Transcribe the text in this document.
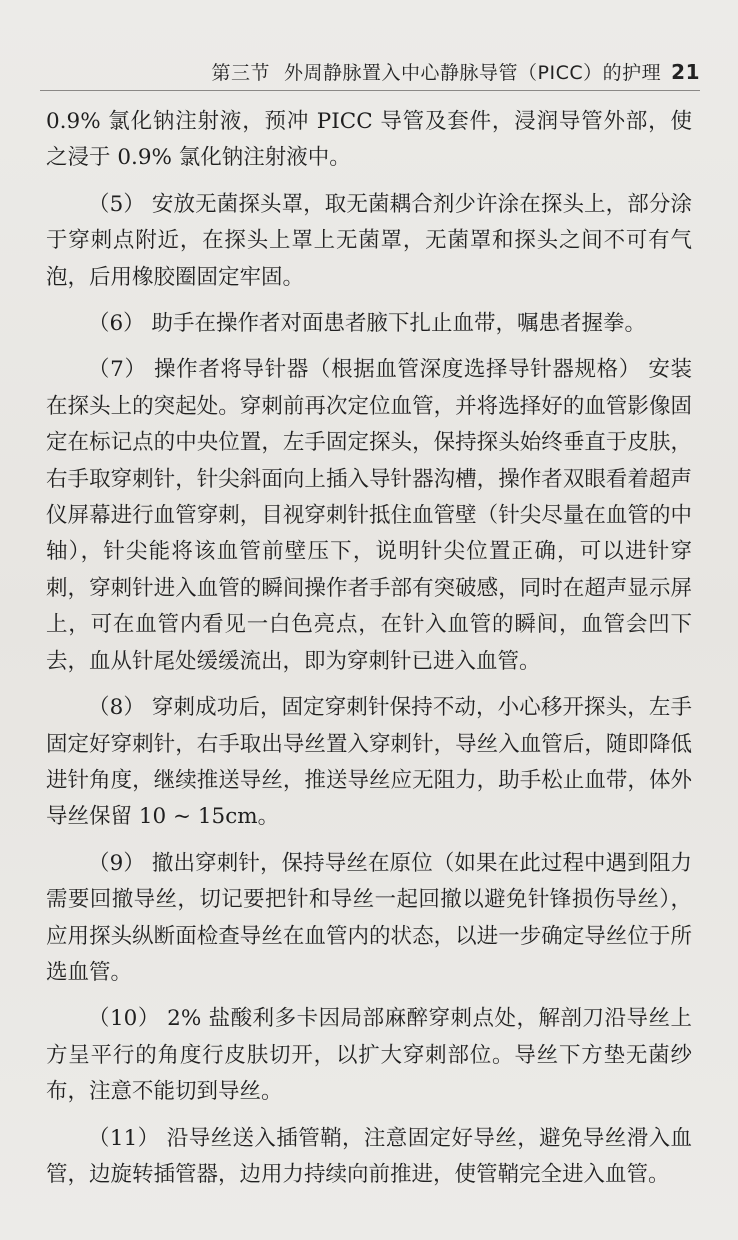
第三节 外周静脉置入中心静脉导管（PICC）的护理 21

0.9% 氯化钠注射液，预冲 PICC 导管及套件，浸润导管外部，使之浸于 0.9% 氯化钠注射液中。

（5） 安放无菌探头罩，取无菌耦合剂少许涂在探头上，部分涂于穿刺点附近，在探头上罩上无菌罩，无菌罩和探头之间不可有气泡，后用橡胶圈固定牢固。

（6） 助手在操作者对面患者腋下扎止血带，嘱患者握拳。

（7） 操作者将导针器（根据血管深度选择导针器规格） 安装在探头上的突起处。穿刺前再次定位血管，并将选择好的血管影像固定在标记点的中央位置，左手固定探头，保持探头始终垂直于皮肤，右手取穿刺针，针尖斜面向上插入导针器沟槽，操作者双眼看着超声仪屏幕进行血管穿刺，目视穿刺针抵住血管壁（针尖尽量在血管的中轴），针尖能将该血管前壁压下，说明针尖位置正确，可以进针穿刺，穿刺针进入血管的瞬间操作者手部有突破感，同时在超声显示屏上，可在血管内看见一白色亮点，在针入血管的瞬间，血管会凹下去，血从针尾处缓缓流出，即为穿刺针已进入血管。

（8） 穿刺成功后，固定穿刺针保持不动，小心移开探头，左手固定好穿刺针，右手取出导丝置入穿刺针，导丝入血管后，随即降低进针角度，继续推送导丝，推送导丝应无阻力，助手松止血带，体外导丝保留 10 ~ 15cm。

（9） 撤出穿刺针，保持导丝在原位（如果在此过程中遇到阻力需要回撤导丝，切记要把针和导丝一起回撤以避免针锋损伤导丝），应用探头纵断面检查导丝在血管内的状态，以进一步确定导丝位于所选血管。

（10） 2% 盐酸利多卡因局部麻醉穿刺点处，解剖刀沿导丝上方呈平行的角度行皮肤切开，以扩大穿刺部位。导丝下方垫无菌纱布，注意不能切到导丝。

（11） 沿导丝送入插管鞘，注意固定好导丝，避免导丝滑入血管，边旋转插管器，边用力持续向前推进，使管鞘完全进入血管。
